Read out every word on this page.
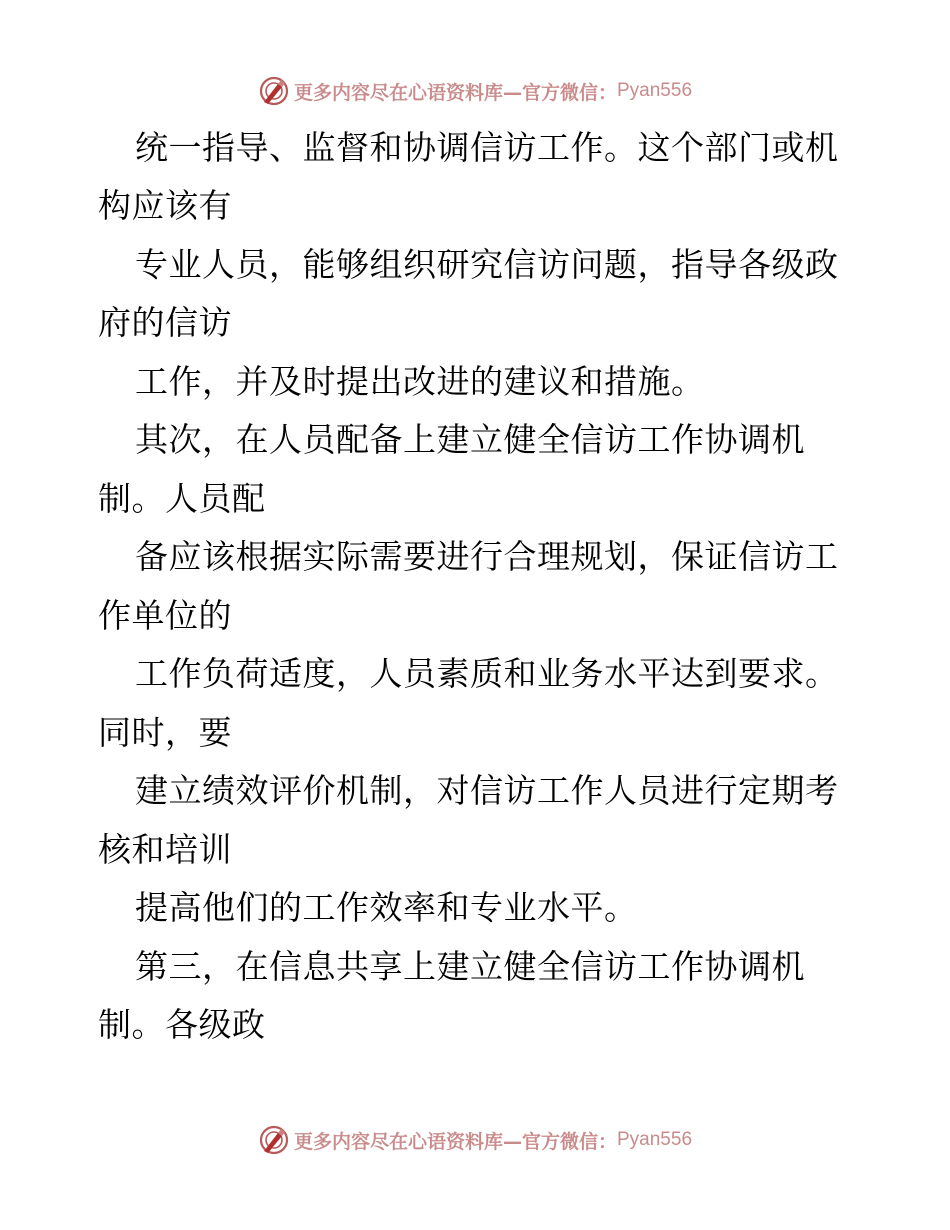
更多内容尽在心语资料库—官方微信： Pyan556
统一指导、监督和协调信访工作。这个部门或机
构应该有
专业人员，能够组织研究信访问题，指导各级政
府的信访
工作，并及时提出改进的建议和措施。
其次，在人员配备上建立健全信访工作协调机
制。人员配
备应该根据实际需要进行合理规划，保证信访工
作单位的
工作负荷适度，人员素质和业务水平达到要求。
同时，要
建立绩效评价机制，对信访工作人员进行定期考
核和培训
提高他们的工作效率和专业水平。
第三，在信息共享上建立健全信访工作协调机
制。各级政
更多内容尽在心语资料库—官方微信： Pyan556
